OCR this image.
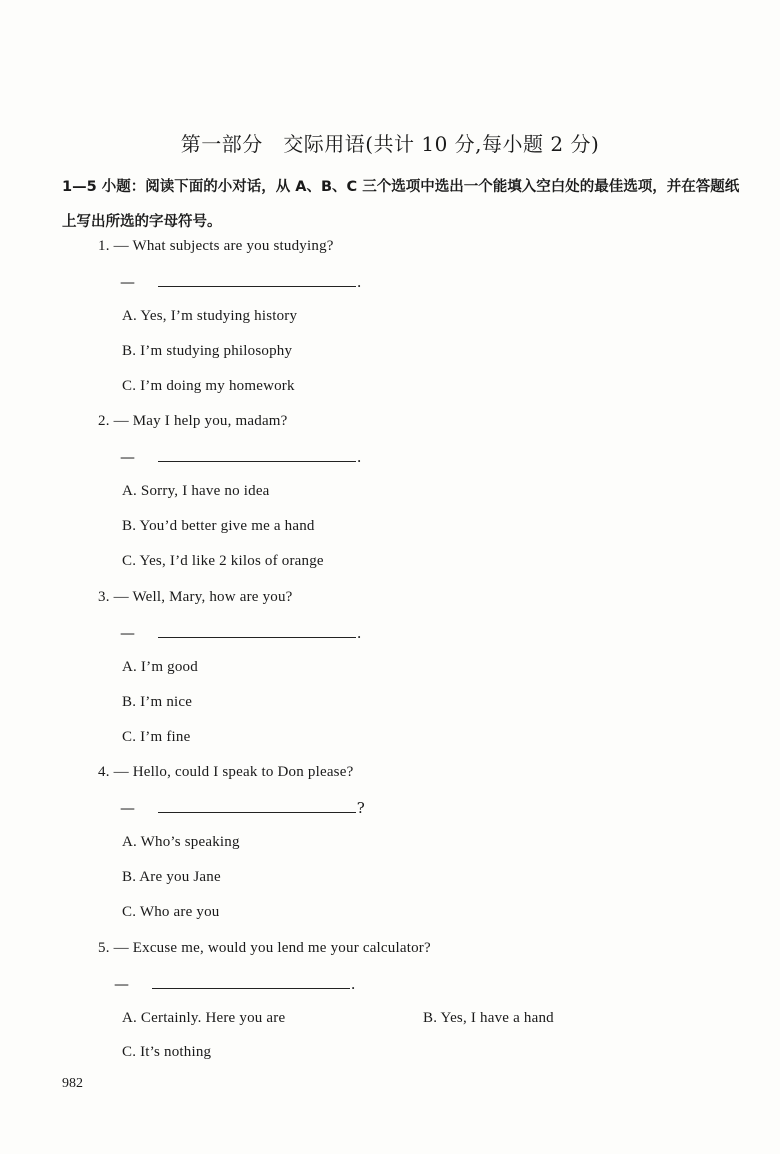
第一部分　交际用语(共计 10 分,每小题 2 分)
1—5 小题：阅读下面的小对话，从 A、B、C 三个选项中选出一个能填入空白处的最佳选项，并在答题纸上写出所选的字母符号。
1. — What subjects are you studying?
—	.
A. Yes, I’m studying history
B. I’m studying philosophy
C. I’m doing my homework
2. — May I help you, madam?
—	.
A. Sorry, I have no idea
B. You’d better give me a hand
C. Yes, I’d like 2 kilos of orange
3. — Well, Mary, how are you?
—	.
A. I’m good
B. I’m nice
C. I’m fine
4. — Hello, could I speak to Don please?
—	?
A. Who’s speaking
B. Are you Jane
C. Who are you
5. — Excuse me, would you lend me your calculator?
—	.
A. Certainly. Here you are	B. Yes, I have a hand
C. It’s nothing
982
